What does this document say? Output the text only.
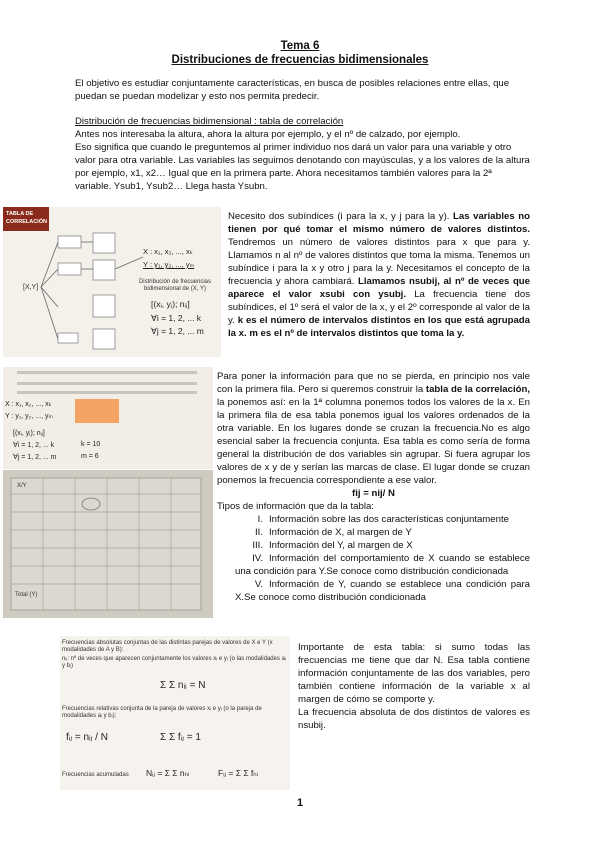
Tema 6

Distribuciones de frecuencias bidimensionales

El objetivo es estudiar conjuntamente características, en busca de posibles relaciones entre ellas, que puedan se puedan modelizar y esto nos permita predecir.

Distribución de frecuencias bidimensional : tabla de correlación
Antes nos interesaba la altura, ahora la altura por ejemplo, y el nº de calzado, por ejemplo.
Eso significa que cuando le preguntemos al primer individuo nos dará un valor para una variable y otro valor para otra variable. Las variables las seguimos denotando con mayúsculas, y a los valores de la altura por ejemplo, x1, x2… Igual que en la primera parte. Ahora necesitamos también valores para la 2ª variable. Ysub1, Ysub2… Llega hasta Ysubn.
TABLA DE CORRELACIÓN
[X,Y]
X : x₁, x₂, ..., xₖ
Y : y₁, y₂, ..., yₘ
Distribución de frecuencias bidimensional de (X, Y)
[(xᵢ, yⱼ); nᵢⱼ]
∀i = 1, 2, ... k
∀j = 1, 2, ... m
Necesito dos subíndices (i para la x, y j para la y). Las variables no tienen por qué tomar el mismo número de valores distintos. Tendremos un número de valores distintos para x que para y. Llamamos n al nº de valores distintos que toma la misma. Tenemos un subíndice i para la x y otro j para la y. Necesitamos el concepto de la frecuencia y ahora cambiará. Llamamos nsubij, al nº de veces que aparece el valor xsubi con ysubj. La frecuencia tiene dos subíndices, el 1º será el valor de la x, y el 2º corresponde al valor de la y. k es el número de intervalos distintos en los que está agrupada la x. m es el nº de intervalos distintos que toma la y.
X : x₁, x₂, ..., xₖ
Y : y₁, y₂, ..., yₘ
[(xᵢ, yⱼ); nᵢⱼ]
∀i = 1, 2, ... k
∀j = 1, 2, ... m
k = 10
m = 6
X/Y
Total (Y)
Para poner la información para que no se pierda, en principio nos vale con la primera fila. Pero si queremos construir la tabla de la correlación, la ponemos así: en la 1ª columna ponemos todos los valores de la x. En la primera fila de esa tabla ponemos igual los valores ordenados de la otra variable. En los lugares donde se cruzan la frecuencia.No es algo esencial saber la frecuencia conjunta. Esa tabla es como sería de forma general la distribución de dos variables sin agrupar. Si fuera agrupar los valores de x y de y serían las marcas de clase. El lugar donde se cruzan ponemos la frecuencia correspondiente a ese valor.
fij = nij/ N
Tipos de información que da la tabla:
I. Información sobre las dos características conjuntamente
II. Información de X, al margen de Y
III. Información del Y, al margen de X
IV. Información del comportamiento de X cuando se establece una condición para Y.Se conoce como distribución condicionada
V. Información de Y, cuando se establece una condición para X.Se conoce como distribución condicionada
Frecuencias absolutas conjuntas de las distintas parejas de valores de X e Y (x modalidades de A y B):
nᵢⱼ: nº de veces que aparecen conjuntamente los valores xᵢ e yⱼ (o las modalidades aᵢ y bⱼ)
Σ Σ nᵢⱼ = N
Frecuencias relativas conjunta de la pareja de valores xᵢ e yⱼ (o la pareja de modalidades aᵢ y bⱼ):
fᵢⱼ = nᵢⱼ / N	Σ Σ fᵢⱼ = 1
Frecuencias acumuladas Nᵢⱼ = Σ Σ nₕₗ	Fᵢⱼ = Σ Σ fₕₗ
Importante de esta tabla: si sumo todas las frecuencias me tiene que dar N. Esa tabla contiene información conjuntamente de las dos variables, pero también contiene información de la variable x al margen de cómo se comporte y.
La frecuencia absoluta de dos distintos de valores es nsubij.

1
